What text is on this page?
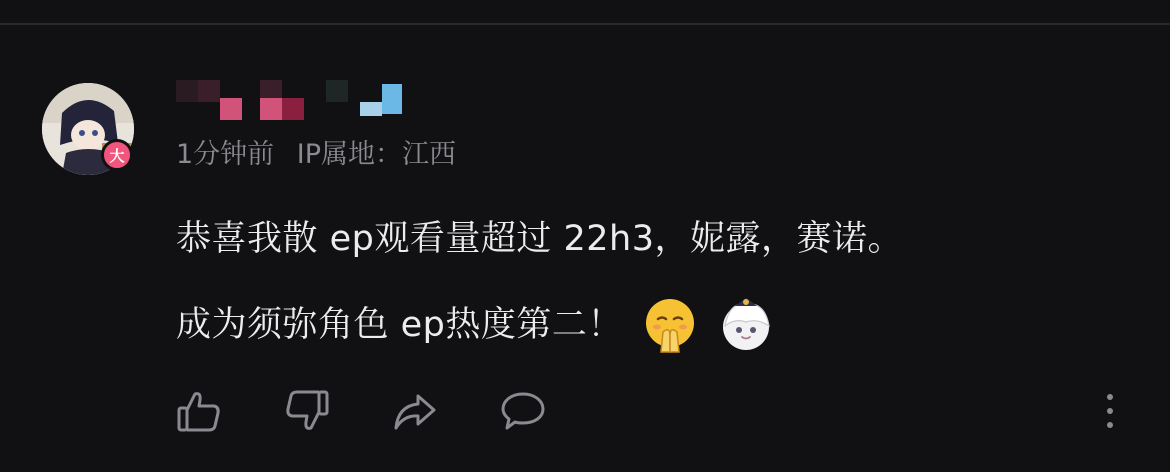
大	1分钟前 IP属地：江西
恭喜我散 ep观看量超过 22h3，妮露，赛诺。
成为须弥角色 ep热度第二！
